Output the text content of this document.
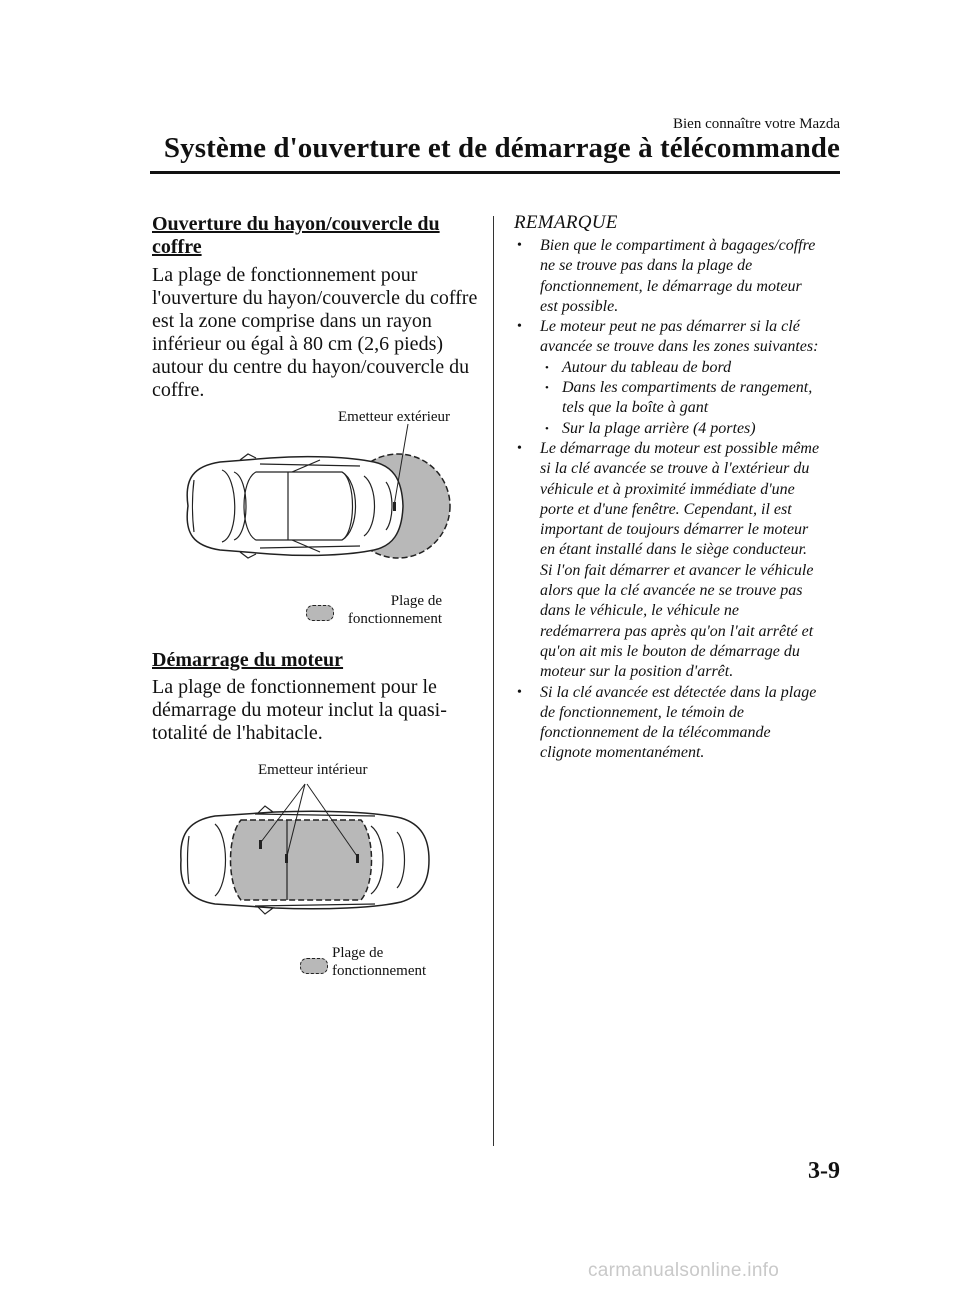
Bien connaître votre Mazda
Système d'ouverture et de démarrage à télécommande
Ouverture du hayon/couvercle du
coffre
La plage de fonctionnement pour
l'ouverture du hayon/couvercle du coffre
est la zone comprise dans un rayon
inférieur ou égal à 80 cm (2,6 pieds)
autour du centre du hayon/couvercle du
coffre.
Emetteur extérieur
Plage de
fonctionnement
Démarrage du moteur
La plage de fonctionnement pour le
démarrage du moteur inclut la quasi-
totalité de l'habitacle.
Emetteur intérieur
Plage de
fonctionnement
REMARQUE
• Bien que le compartiment à bagages/coffre
ne se trouve pas dans la plage de
fonctionnement, le démarrage du moteur
est possible.
• Le moteur peut ne pas démarrer si la clé
avancée se trouve dans les zones suivantes:
• Autour du tableau de bord
• Dans les compartiments de rangement,
tels que la boîte à gant
• Sur la plage arrière (4 portes)
• Le démarrage du moteur est possible même
si la clé avancée se trouve à l'extérieur du
véhicule et à proximité immédiate d'une
porte et d'une fenêtre. Cependant, il est
important de toujours démarrer le moteur
en étant installé dans le siège conducteur.
Si l'on fait démarrer et avancer le véhicule
alors que la clé avancée ne se trouve pas
dans le véhicule, le véhicule ne
redémarrera pas après qu'on l'ait arrêté et
qu'on ait mis le bouton de démarrage du
moteur sur la position d'arrêt.
• Si la clé avancée est détectée dans la plage
de fonctionnement, le témoin de
fonctionnement de la télécommande
clignote momentanément.
3-9
carmanualsonline.info
